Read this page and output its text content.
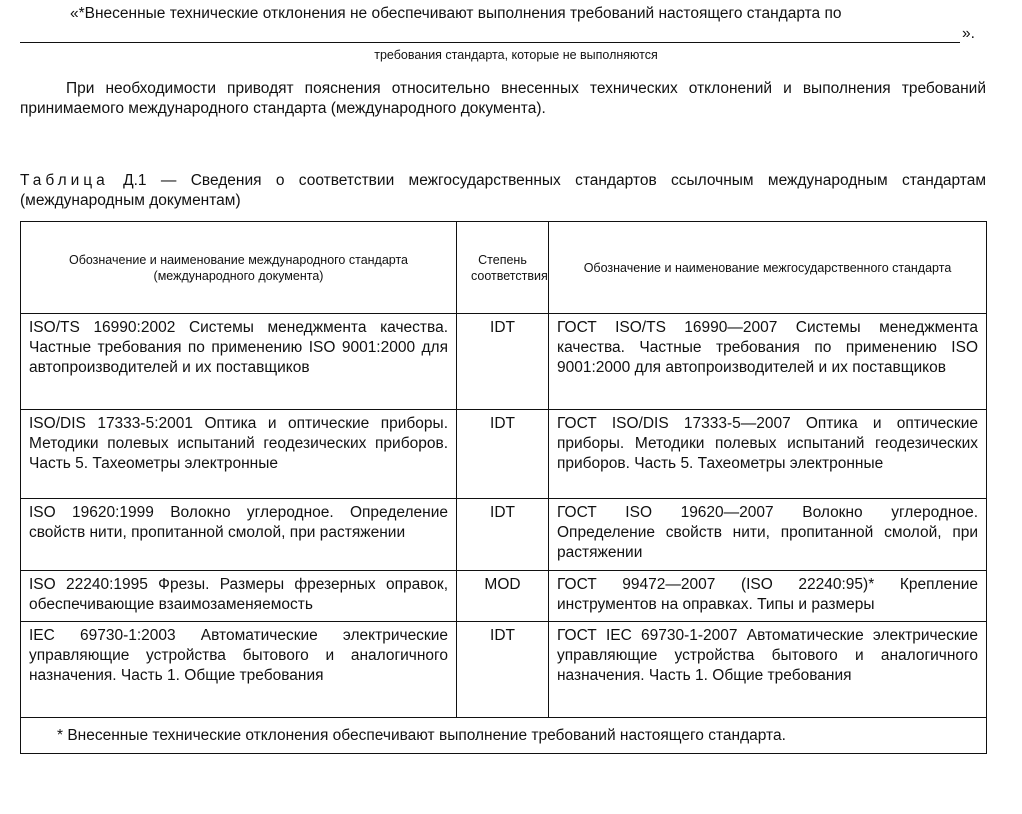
«*Внесенные технические отклонения не обеспечивают выполнения требований настоящего стандарта по
».
требования стандарта, которые не выполняются
При необходимости приводят пояснения относительно внесенных технических отклонений и выполнения требований принимаемого международного стандарта (международного документа).
Таблица Д.1 — Сведения о соответствии межгосударственных стандартов ссылочным международным стандартам (международным документам)
Обозначение и наименование международного стандарта (международного документа)	Степень соответствия	Обозначение и наименование межгосударственного стандарта

ISO/TS 16990:2002 Системы менеджмента качества. Частные требования по применению ISO 9001:2000 для автопроизводителей и их поставщиков	IDT	ГОСТ ISO/TS 16990—2007 Системы менеджмента качества. Частные требования по применению ISO 9001:2000 для автопроизводителей и их поставщиков

ISO/DIS 17333-5:2001 Оптика и оптические приборы. Методики полевых испытаний геодезических приборов. Часть 5. Тахеометры электронные	IDT	ГОСТ ISO/DIS 17333-5—2007 Оптика и оптические приборы. Методики полевых испытаний геодезических приборов. Часть 5. Тахеометры электронные

ISO 19620:1999 Волокно углеродное. Определение свойств нити, пропитанной смолой, при растяжении	IDT	ГОСТ ISO 19620—2007 Волокно углеродное. Определение свойств нити, пропитанной смолой, при растяжении

ISO 22240:1995 Фрезы. Размеры фрезерных оправок, обеспечивающие взаимозаменяемость	MOD	ГОСТ 99472—2007 (ISO 22240:95)* Крепление инструментов на оправках. Типы и размеры

IEC 69730-1:2003 Автоматические электрические управляющие устройства бытового и аналогичного назначения. Часть 1. Общие требования	IDT	ГОСТ IEC 69730-1-2007 Автоматические электрические управляющие устройства бытового и аналогичного назначения. Часть 1. Общие требования

* Внесенные технические отклонения обеспечивают выполнение требований настоящего стандарта.		
